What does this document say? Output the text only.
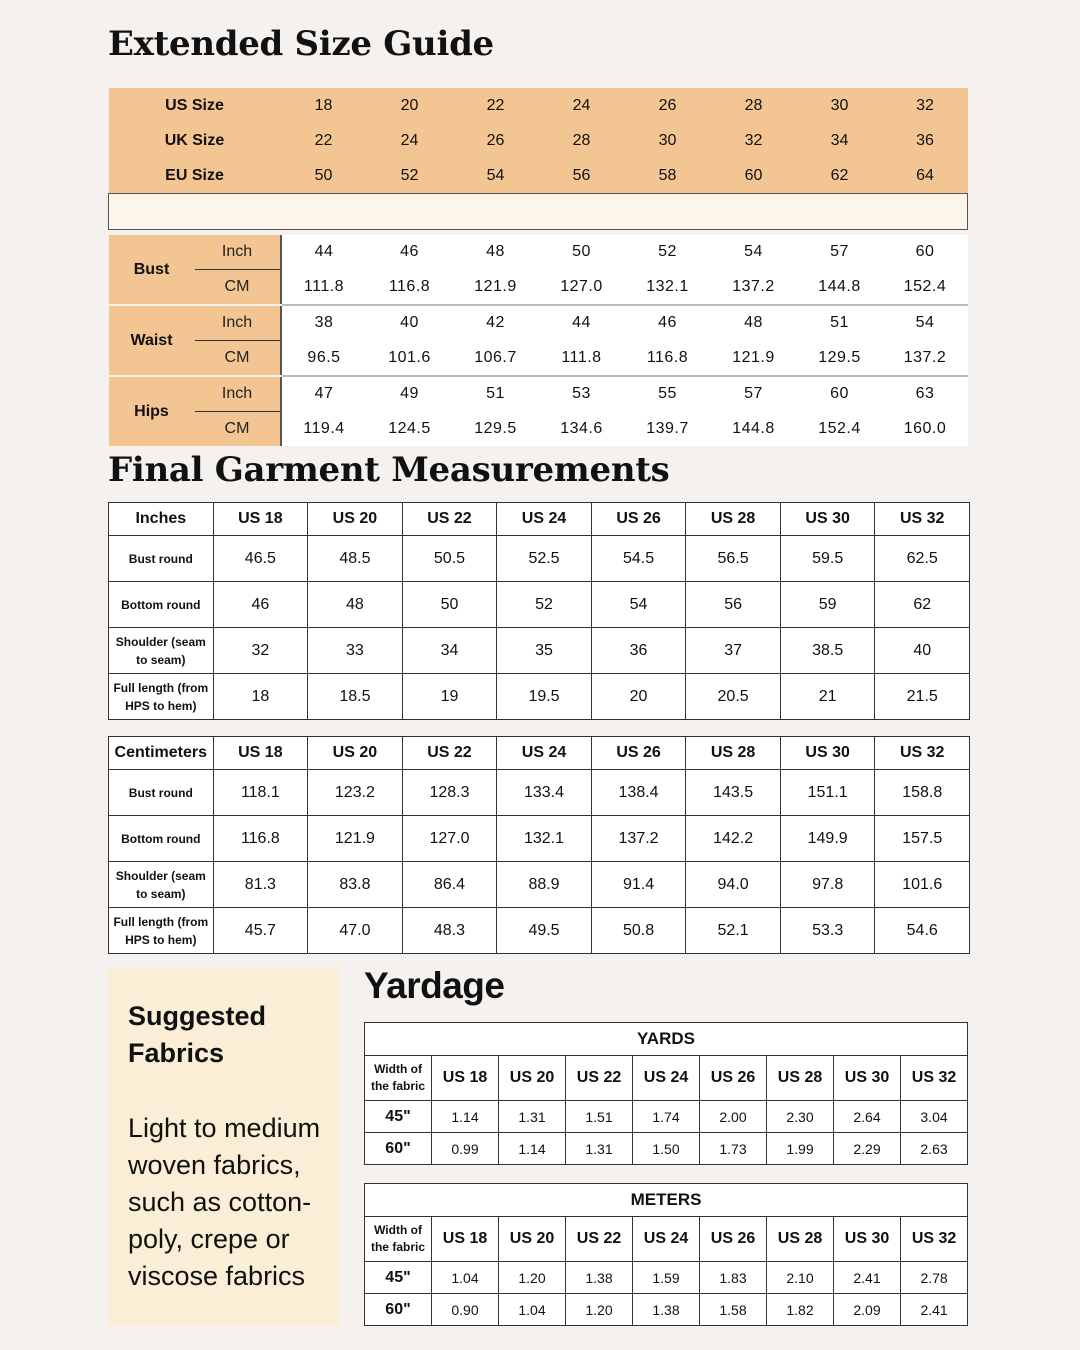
Extended Size Guide
US Size		18	20	22	24	26	28	30	32
UK Size		22	24	26	28	30	32	34	36
EU Size		50	52	54	56	58	60	62	64

Bust	Inch	44	46	48	50	52	54	57	60
	CM	111.8	116.8	121.9	127.0	132.1	137.2	144.8	152.4
Waist	Inch	38	40	42	44	46	48	51	54
	CM	96.5	101.6	106.7	111.8	116.8	121.9	129.5	137.2
Hips	Inch	47	49	51	53	55	57	60	63
	CM	119.4	124.5	129.5	134.6	139.7	144.8	152.4	160.0
Final Garment Measurements
Inches	US 18	US 20	US 22	US 24	US 26	US 28	US 30	US 32
Bust round	46.5	48.5	50.5	52.5	54.5	56.5	59.5	62.5
Bottom round	46	48	50	52	54	56	59	62
Shoulder (seam to seam)	32	33	34	35	36	37	38.5	40
Full length (from HPS to hem)	18	18.5	19	19.5	20	20.5	21	21.5
Centimeters	US 18	US 20	US 22	US 24	US 26	US 28	US 30	US 32
Bust round	118.1	123.2	128.3	133.4	138.4	143.5	151.1	158.8
Bottom round	116.8	121.9	127.0	132.1	137.2	142.2	149.9	157.5
Shoulder (seam to seam)	81.3	83.8	86.4	88.9	91.4	94.0	97.8	101.6
Full length (from HPS to hem)	45.7	47.0	48.3	49.5	50.8	52.1	53.3	54.6
Suggested Fabrics
Light to medium woven fabrics, such as cotton-poly, crepe or viscose fabrics
Yardage
YARDS								
Width of the fabric	US 18	US 20	US 22	US 24	US 26	US 28	US 30	US 32
45"	1.14	1.31	1.51	1.74	2.00	2.30	2.64	3.04
60"	0.99	1.14	1.31	1.50	1.73	1.99	2.29	2.63
METERS								
Width of the fabric	US 18	US 20	US 22	US 24	US 26	US 28	US 30	US 32
45"	1.04	1.20	1.38	1.59	1.83	2.10	2.41	2.78
60"	0.90	1.04	1.20	1.38	1.58	1.82	2.09	2.41
